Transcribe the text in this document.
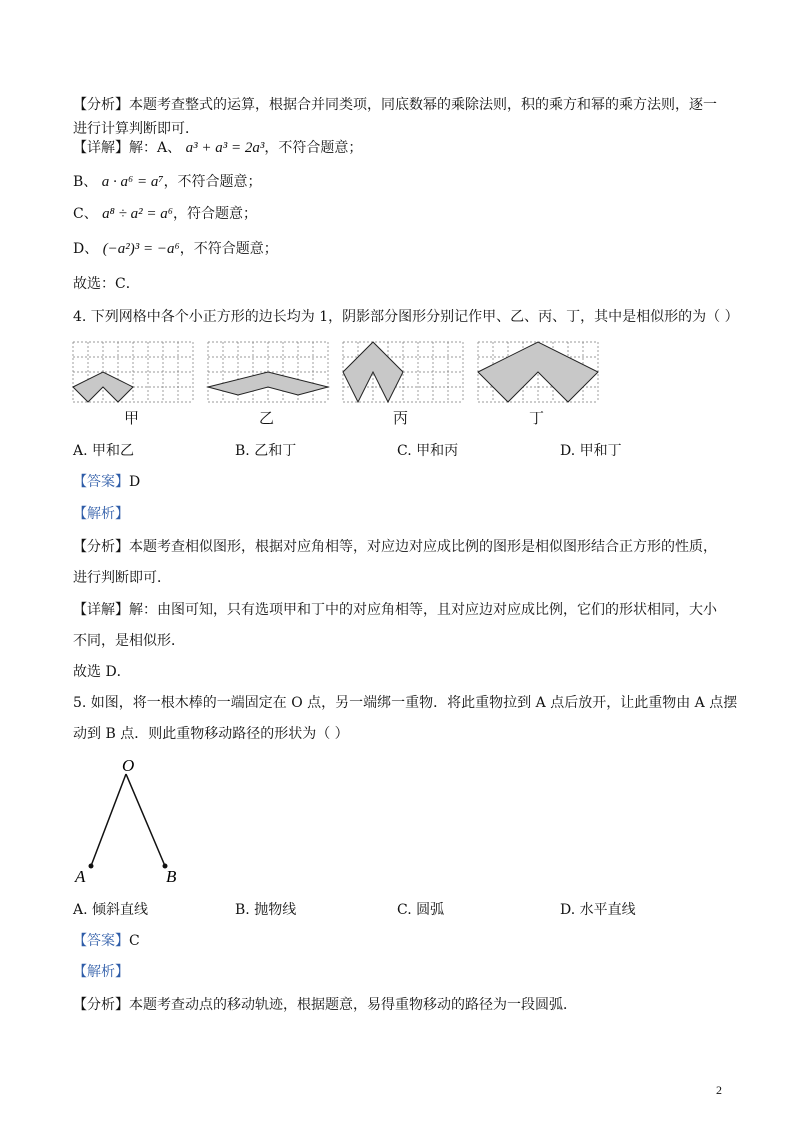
【分析】本题考查整式的运算，根据合并同类项，同底数幂的乘除法则，积的乘方和幂的乘方法则，逐一
进行计算判断即可．
【详解】解：A、 a³ + a³ = 2a³，不符合题意；
B、 a · a⁶ = a⁷，不符合题意；
C、 a⁸ ÷ a² = a⁶，符合题意；
D、 (−a²)³ = −a⁶，不符合题意；
故选：C．
4. 下列网格中各个小正方形的边长均为 1，阴影部分图形分别记作甲、乙、丙、丁，其中是相似形的为（ ）
甲	乙	丙	丁
A. 甲和乙	B. 乙和丁	C. 甲和丙	D. 甲和丁
【答案】D
【解析】
【分析】本题考查相似图形，根据对应角相等，对应边对应成比例的图形是相似图形结合正方形的性质，
进行判断即可．
【详解】解：由图可知，只有选项甲和丁中的对应角相等，且对应边对应成比例，它们的形状相同，大小
不同，是相似形．
故选 D．
5. 如图，将一根木棒的一端固定在 O 点，另一端绑一重物．将此重物拉到 A 点后放开，让此重物由 A 点摆
动到 B 点．则此重物移动路径的形状为（ ）
O
A	B
A. 倾斜直线	B. 抛物线	C. 圆弧	D. 水平直线
【答案】C
【解析】
【分析】本题考查动点的移动轨迹，根据题意，易得重物移动的路径为一段圆弧．
2
